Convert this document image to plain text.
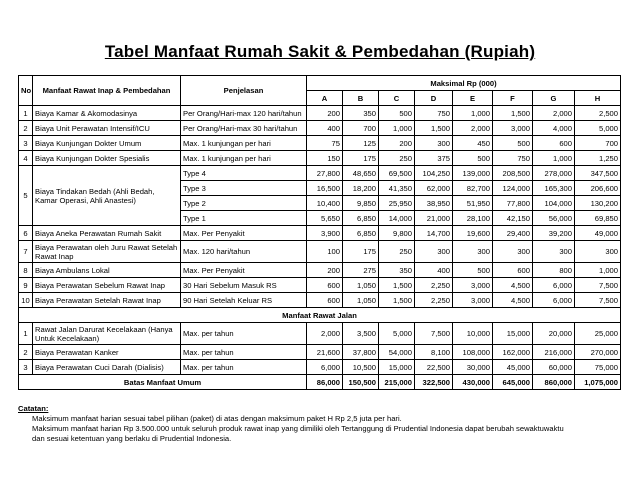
Tabel Manfaat Rumah Sakit & Pembedahan (Rupiah)
No	Manfaat Rawat Inap & Pembedahan	Penjelasan	Maksimal Rp (000)							
			A	B	C	D	E	F	G	H
1	Biaya Kamar & Akomodasinya	Per Orang/Hari-max 120 hari/tahun	200	350	500	750	1,000	1,500	2,000	2,500
2	Biaya Unit Perawatan Intensif/ICU	Per Orang/Hari-max 30 hari/tahun	400	700	1,000	1,500	2,000	3,000	4,000	5,000
3	Biaya Kunjungan Dokter Umum	Max. 1 kunjungan per hari	75	125	200	300	450	500	600	700
4	Biaya Kunjungan Dokter Spesialis	Max. 1 kunjungan per hari	150	175	250	375	500	750	1,000	1,250
5	Biaya Tindakan Bedah (Ahli Bedah, Kamar Operasi, Ahli Anastesi)	Type 4	27,800	48,650	69,500	104,250	139,000	208,500	278,000	347,500
		Type 3	16,500	18,200	41,350	62,000	82,700	124,000	165,300	206,600
		Type 2	10,400	9,850	25,950	38,950	51,950	77,800	104,000	130,200
		Type 1	5,650	6,850	14,000	21,000	28,100	42,150	56,000	69,850
6	Biaya Aneka Perawatan Rumah Sakit	Max. Per Penyakit	3,900	6,850	9,800	14,700	19,600	29,400	39,200	49,000
7	Biaya Perawatan oleh Juru Rawat Setelah Rawat Inap	Max. 120 hari/tahun	100	175	250	300	300	300	300	300
8	Biaya Ambulans Lokal	Max. Per Penyakit	200	275	350	400	500	600	800	1,000
9	Biaya Perawatan Sebelum Rawat Inap	30 Hari Sebelum Masuk RS	600	1,050	1,500	2,250	3,000	4,500	6,000	7,500
10	Biaya Perawatan Setelah Rawat Inap	90 Hari Setelah Keluar RS	600	1,050	1,500	2,250	3,000	4,500	6,000	7,500
Manfaat Rawat Jalan										
1	Rawat Jalan Darurat Kecelakaan (Hanya Untuk Kecelakaan)	Max. per tahun	2,000	3,500	5,000	7,500	10,000	15,000	20,000	25,000
2	Biaya Perawatan Kanker	Max. per tahun	21,600	37,800	54,000	8,100	108,000	162,000	216,000	270,000
3	Biaya Perawatan Cuci Darah (Dialisis)	Max. per tahun	6,000	10,500	15,000	22,500	30,000	45,000	60,000	75,000
Batas Manfaat Umum			86,000	150,500	215,000	322,500	430,000	645,000	860,000	1,075,000
Catatan:
Maksimum manfaat harian sesuai tabel pilihan (paket) di atas dengan maksimum paket H Rp 2,5 juta per hari.
Maksimum manfaat harian Rp 3.500.000 untuk seluruh produk rawat inap yang dimiliki oleh Tertanggung di Prudential Indonesia dapat berubah sewaktuwaktu
dan sesuai ketentuan yang berlaku di Prudential Indonesia.
